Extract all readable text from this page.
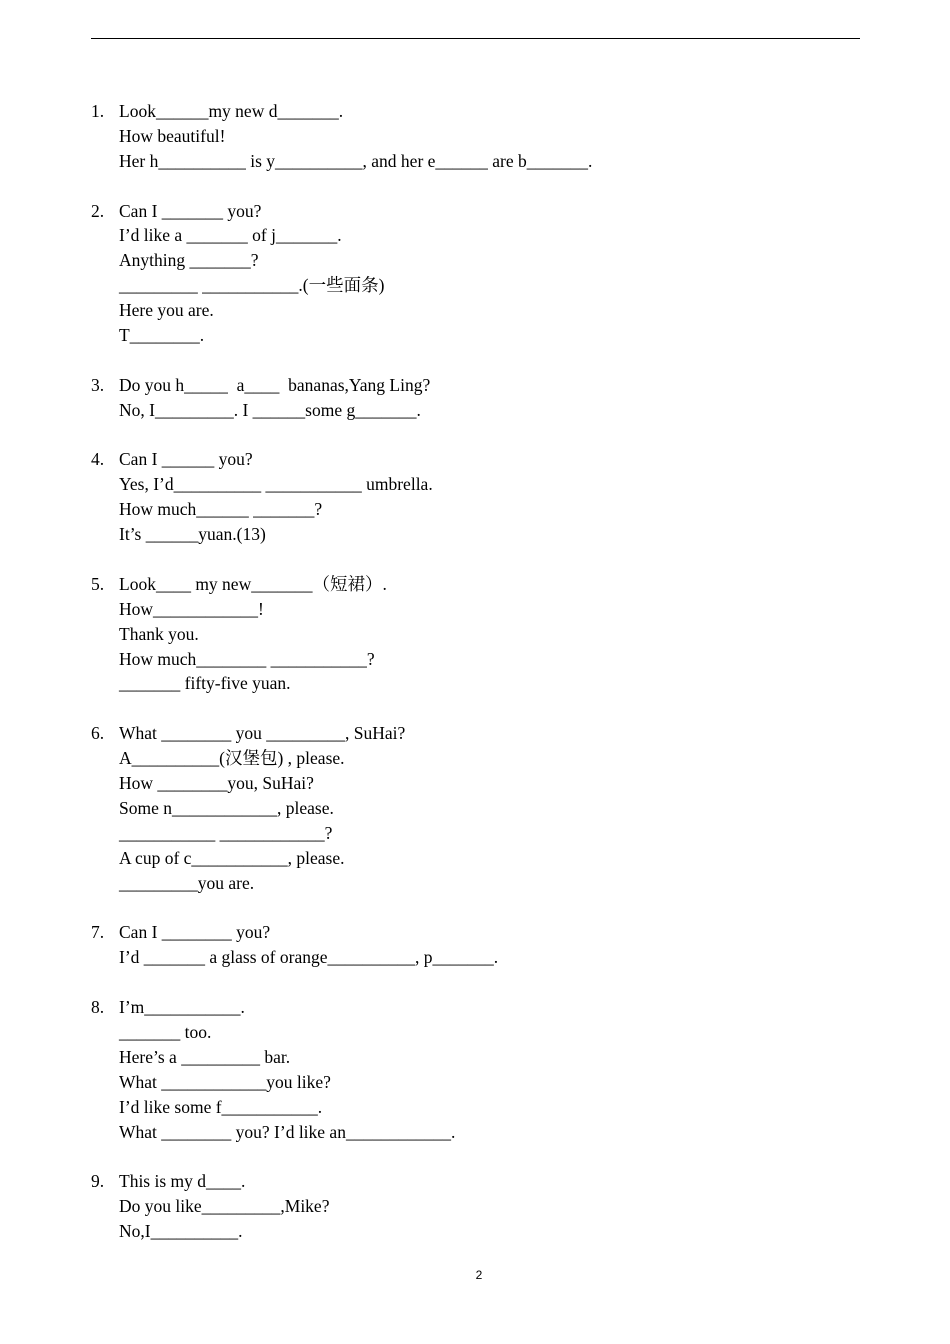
1. Look______my new d_______.
How beautiful!
Her h__________ is y__________, and her e______ are b_______.
2. Can I _______ you?
I’d like a _______ of j_______.
Anything _______?
_________ ___________.(一些面条)
Here you are.
T________.
3. Do you h_____  a____  bananas,Yang Ling?
No, I_________. I ______some g_______.
4. Can I ______ you?
Yes, I’d__________ ___________ umbrella.
How much______ _______?
It’s ______yuan.(13)
5. Look____ my new_______（短裙）.
How____________!
Thank you.
How much________ ___________?
_______ fifty-five yuan.
6. What ________ you _________, SuHai?
A__________(汉堡包) , please.
How ________you, SuHai?
Some n____________, please.
___________ ____________?
A cup of c___________, please.
_________you are.
7. Can I ________ you?
I’d _______ a glass of orange__________, p_______.
8. I’m___________.
_______ too.
Here’s a _________ bar.
What ____________you like?
I’d like some f___________.
What ________ you? I’d like an____________.
9. This is my d____.
Do you like_________,Mike?
No,I__________.
2
